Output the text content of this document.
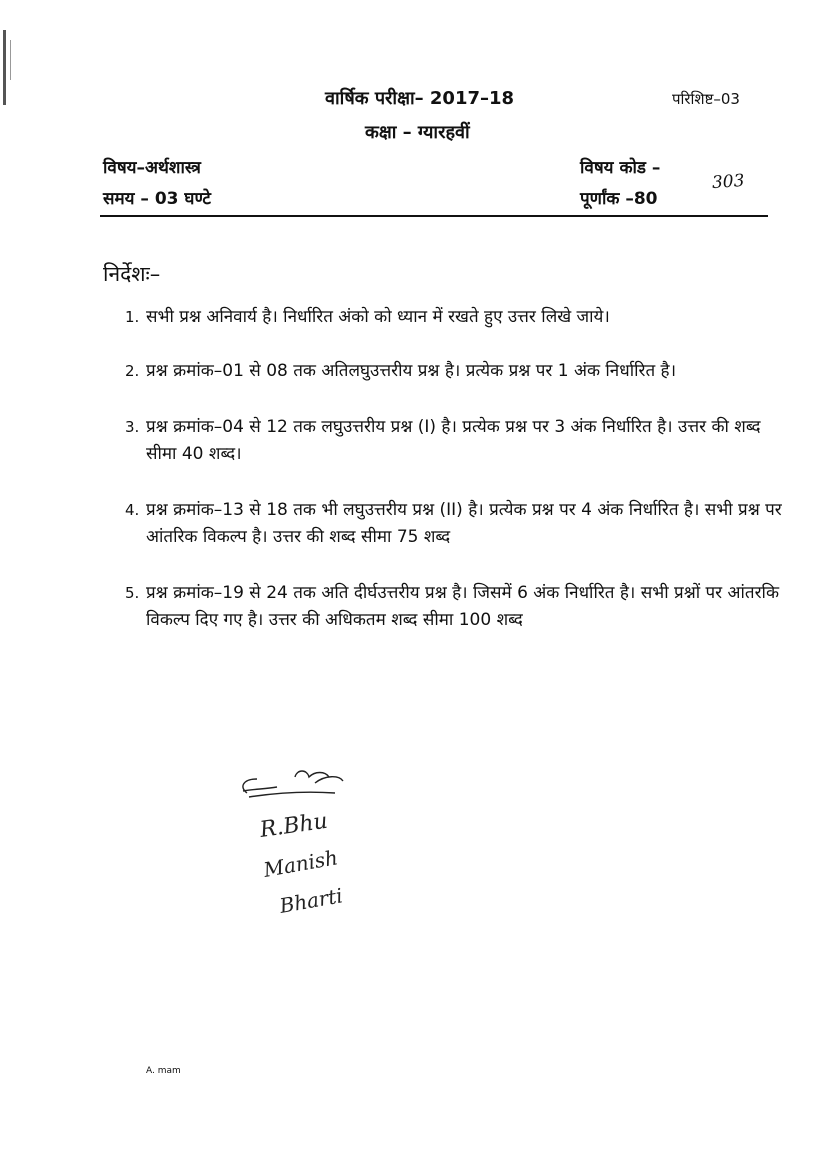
वार्षिक परीक्षा– 2017–18	परिशिष्ट–03
कक्षा – ग्यारहवीं
विषय–अर्थशास्त्र
समय – 03 घण्टे
विषय कोड –
303
पूर्णांक –80
निर्देशः–
1. सभी प्रश्न अनिवार्य है। निर्धारित अंको को ध्यान में रखते हुए उत्तर लिखे जाये।
2. प्रश्न क्रमांक–01 से 08 तक अतिलघुउत्तरीय प्रश्न है। प्रत्येक प्रश्न पर 1 अंक निर्धारित है।
3. प्रश्न क्रमांक–04 से 12 तक लघुउत्तरीय प्रश्न (I) है। प्रत्येक प्रश्न पर 3 अंक निर्धारित है। उत्तर की शब्द सीमा 40 शब्द।
4. प्रश्न क्रमांक–13 से 18 तक भी लघुउत्तरीय प्रश्न (II) है। प्रत्येक प्रश्न पर 4 अंक निर्धारित है। सभी प्रश्न पर आंतरिक विकल्प है। उत्तर की शब्द सीमा 75 शब्द
5. प्रश्न क्रमांक–19 से 24 तक अति दीर्घउत्तरीय प्रश्न है। जिसमें 6 अंक निर्धारित है। सभी प्रश्नों पर आंतरकि विकल्प दिए गए है। उत्तर की अधिकतम शब्द सीमा 100 शब्द
R.Bhu
Manish
Bharti
A. mam
